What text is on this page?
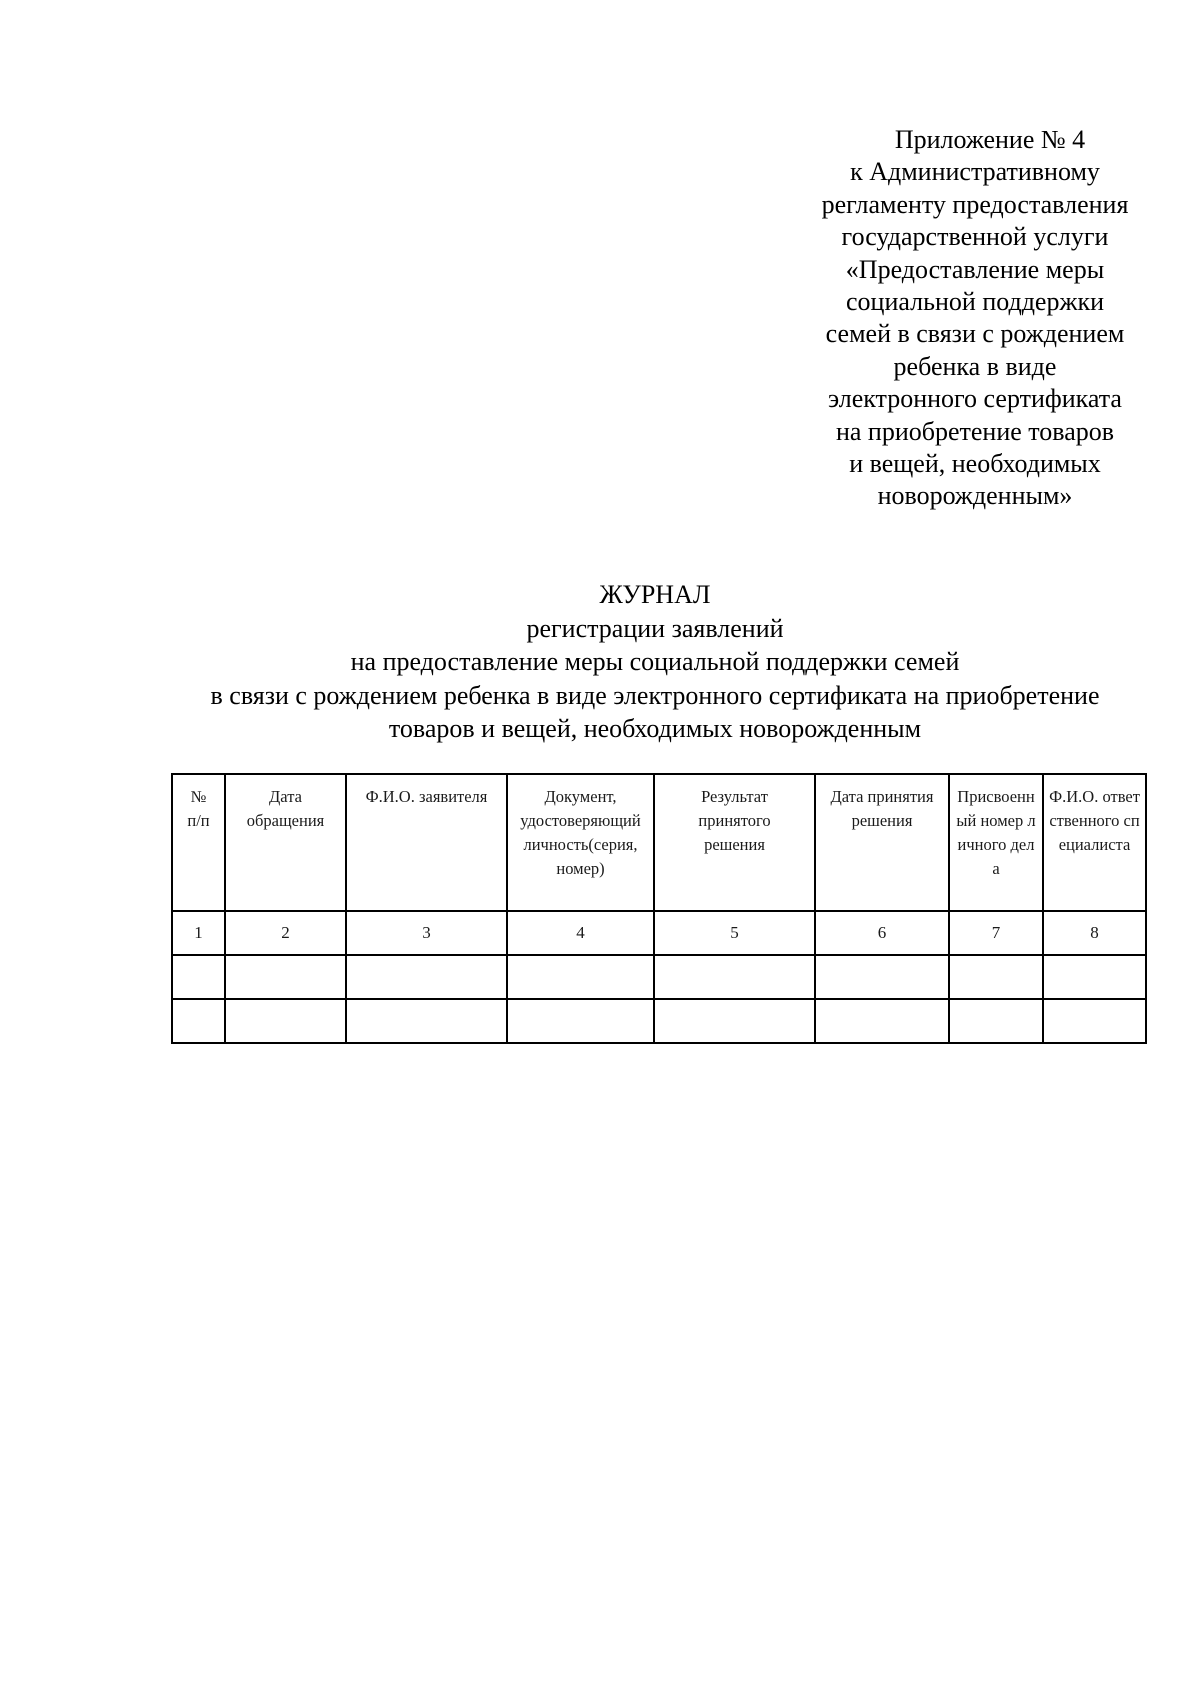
Приложение № 4
к Административному
регламенту предоставления
государственной услуги
«Предоставление меры
социальной поддержки
семей в связи с рождением
ребенка в виде
электронного сертификата
на приобретение товаров
и вещей, необходимых
новорожденным»
ЖУРНАЛ
регистрации заявлений
на предоставление меры социальной поддержки семей
в связи с рождением ребенка в виде электронного сертификата на приобретение
товаров и вещей, необходимых новорожденным
№ п/п	Дата обращения	Ф.И.О. заявителя	Документ, удостоверяющий личность(серия, номер)	Результат принятого решения	Дата принятия решения	Присвоенный номер личного дела	Ф.И.О. ответственного специалиста

1	2	3	4	5	6	7	8
